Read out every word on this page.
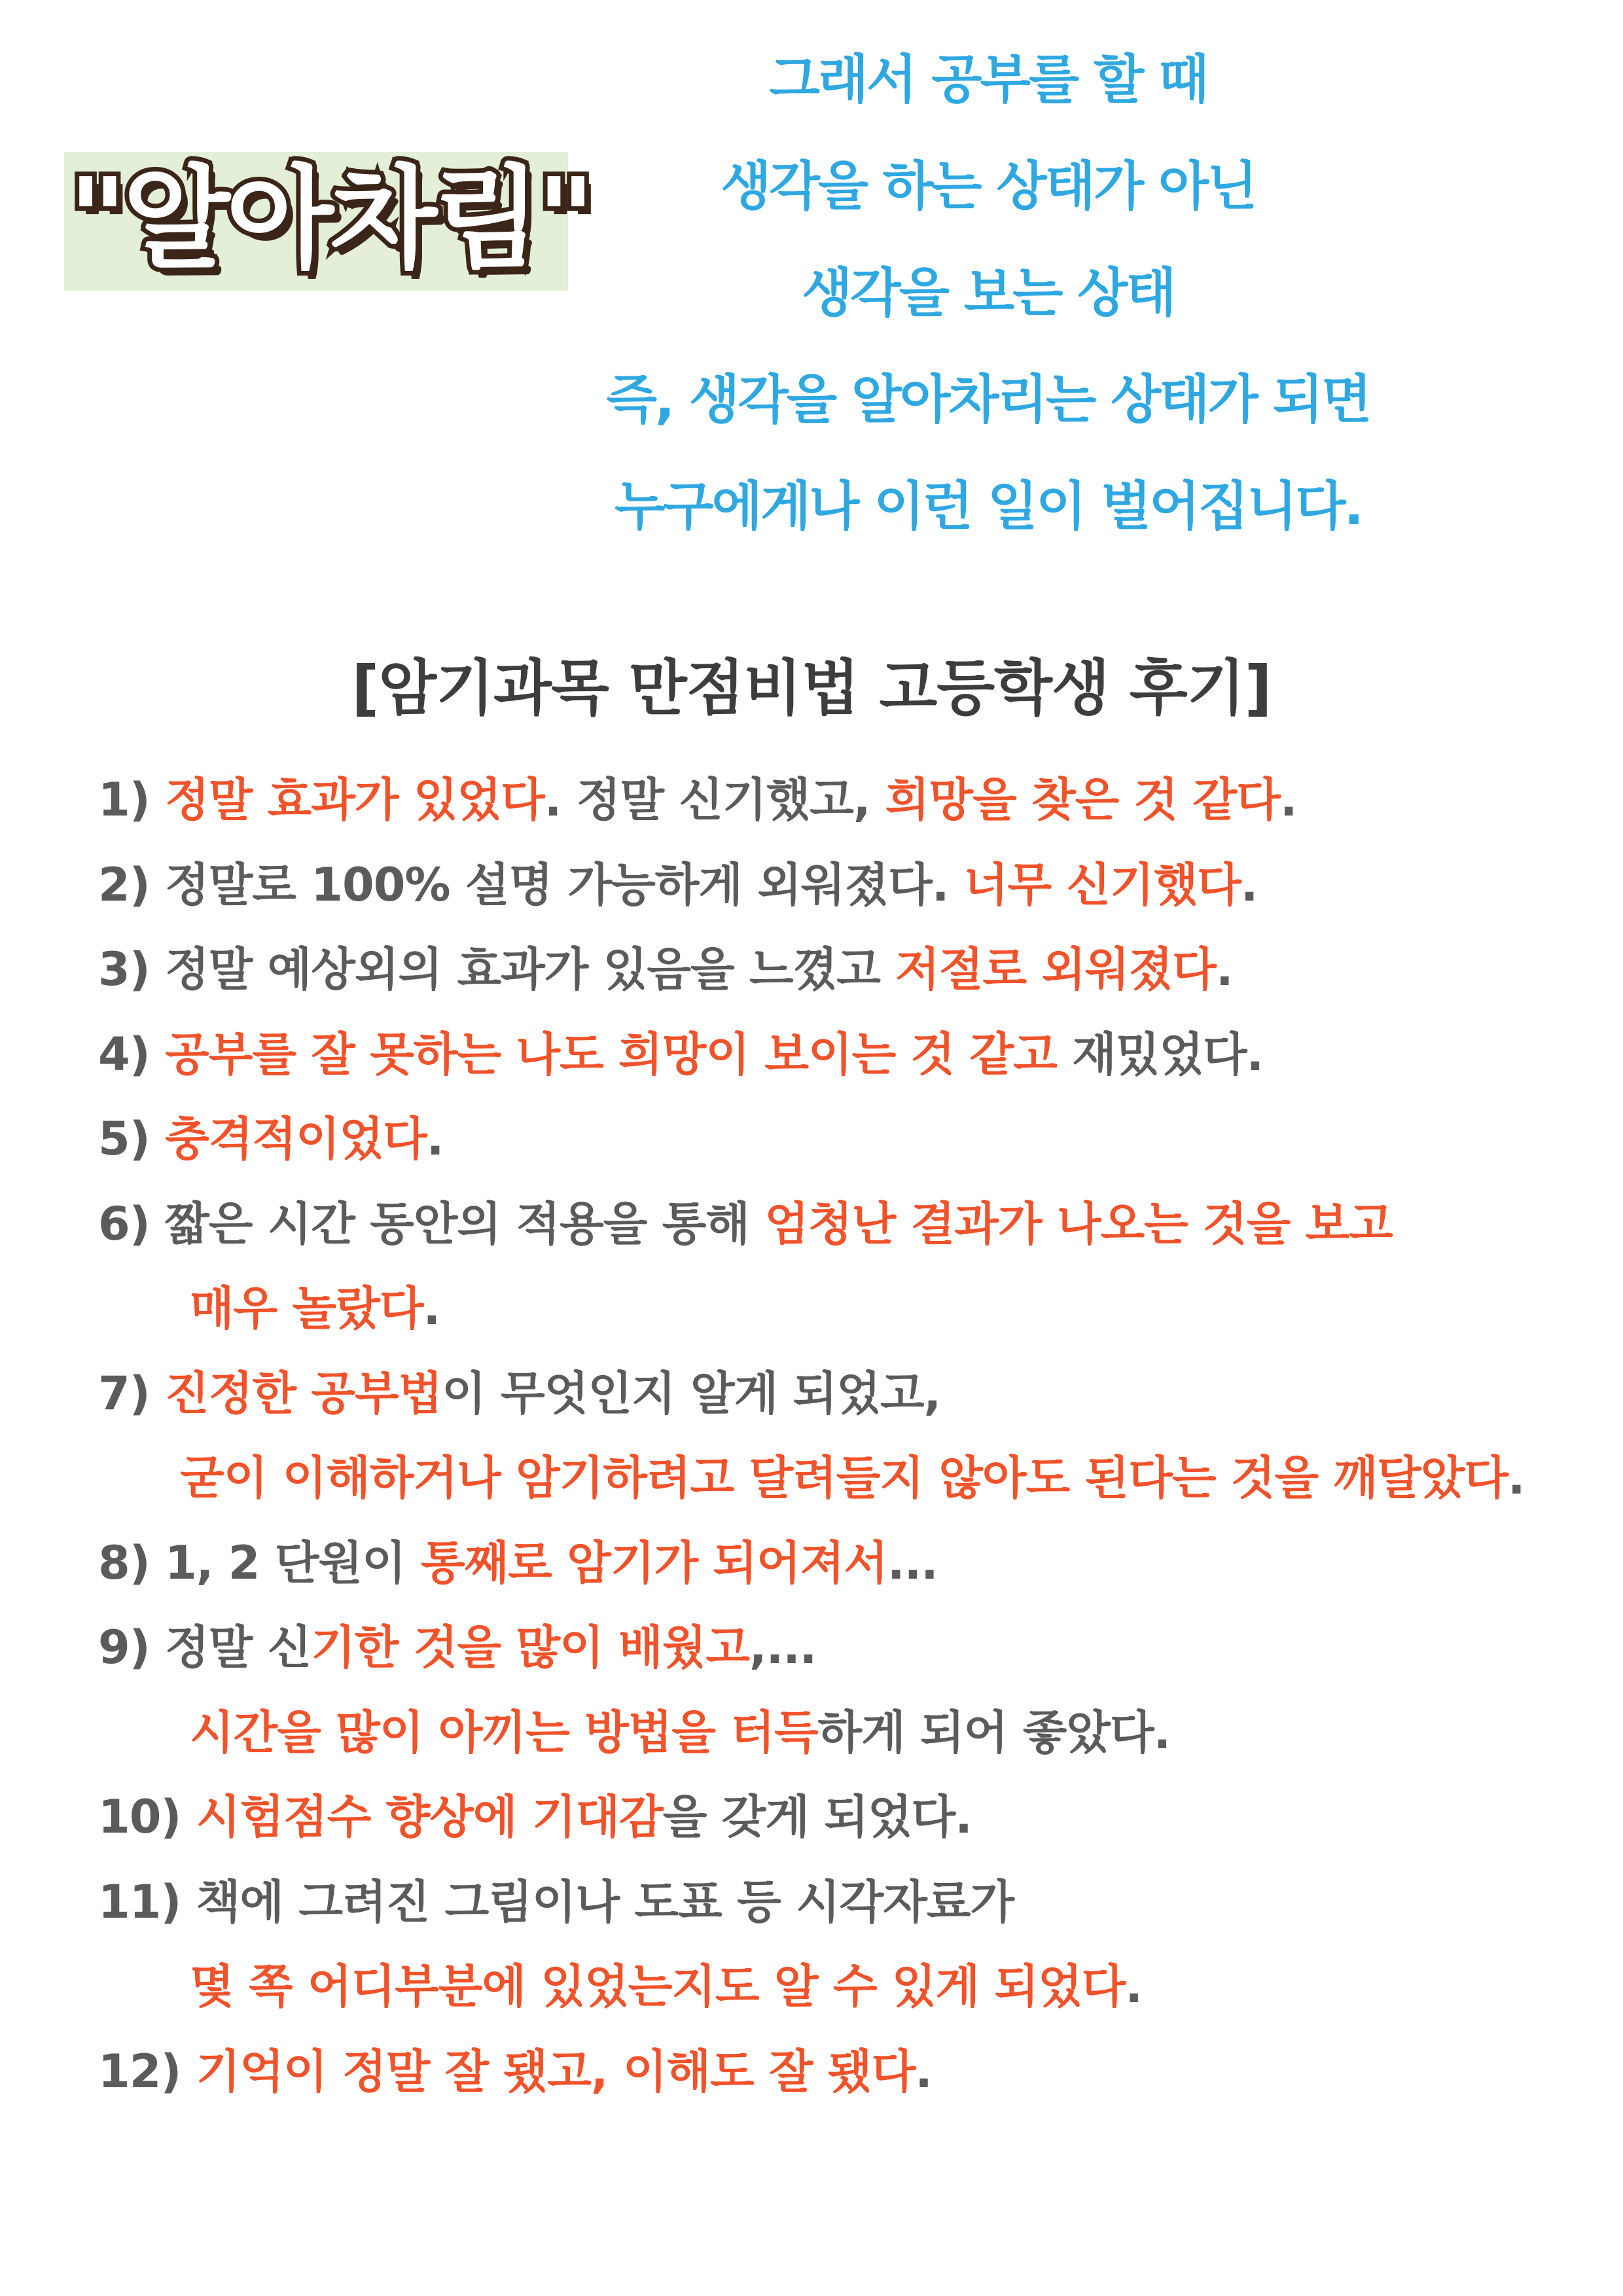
"알아차림"
그래서 공부를 할 때
생각을 하는 상태가 아닌
생각을 보는 상태
즉, 생각을 알아차리는 상태가 되면
누구에게나 이런 일이 벌어집니다.
[암기과목 만점비법 고등학생 후기]
1) 정말 효과가 있었다. 정말 신기했고, 희망을 찾은 것 같다.
2) 정말로 100% 설명 가능하게 외워졌다. 너무 신기했다.
3) 정말 예상외의 효과가 있음을 느꼈고 저절로 외워졌다.
4) 공부를 잘 못하는 나도 희망이 보이는 것 같고 재밌었다.
5) 충격적이었다.
6) 짧은 시간 동안의 적용을 통해 엄청난 결과가 나오는 것을 보고
매우 놀랐다.
7) 진정한 공부법이 무엇인지 알게 되었고,
굳이 이해하거나 암기하려고 달려들지 않아도 된다는 것을 깨달았다.
8) 1, 2 단원이 통째로 암기가 되어져서...
9) 정말 신기한 것을 많이 배웠고,...
시간을 많이 아끼는 방법을 터득하게 되어 좋았다.
10) 시험점수 향상에 기대감을 갖게 되었다.
11) 책에 그려진 그림이나 도표 등 시각자료가
몇 쪽 어디부분에 있었는지도 알 수 있게 되었다.
12) 기억이 정말 잘 됐고, 이해도 잘 됐다.
